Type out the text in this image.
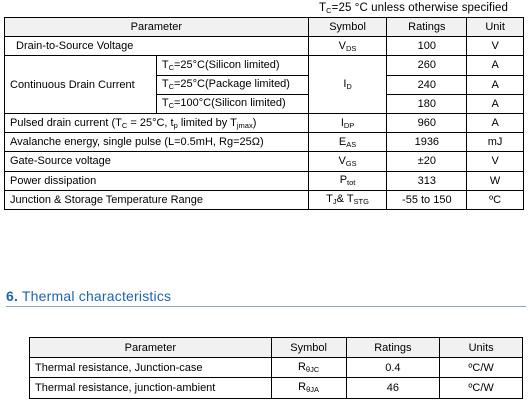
$T_C=25$ °C unless otherwise specified
Parameter		Symbol	Ratings	Unit
Drain-to-Source Voltage		$V_{DS}$	100	V
Continuous Drain Current	$T_C=25^\circ C(Silicon$ limited)	$I_D$	260	A
	$T_C=25^\circ C(Package$ limited)		240	A
	$T_C=100^\circ C(Silicon$ limited)		180	A
Pulsed drain current ($T_C = 25^\circ C$, $t_p$ limited by $T_{jmax}$)		$I_{DP}$	960	A
Avalanche energy, single pulse (L=0.5mH, Rg=25Ω)		$E_{AS}$	1936	mJ
Gate-Source voltage		$V_{GS}$	±20	V
Power dissipation		$P_{tot}$	313	W
Junction & Storage Temperature Range		$T_J\&$ $T_{STG}$	-55 to 150	ºC
6. Thermal characteristics
Parameter	Symbol	Ratings	Units
Thermal resistance, Junction-case	$R_{\theta JC}$	0.4	ºC/W
Thermal resistance, junction-ambient	$R_{\theta JA}$	46	ºC/W
